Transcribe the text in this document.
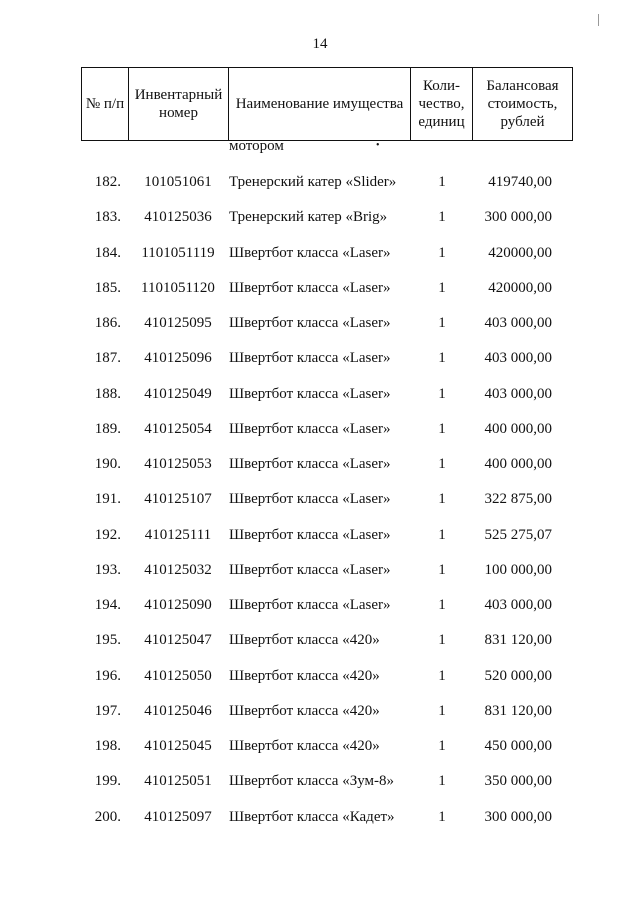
14
№ п/п	Инвентарный номер	Наименование имущества	Коли-чество, единиц	Балансовая стоимость, рублей
мотором	•
182.	101051061	Тренерский катер «Slider»	1	419740,00
183.	410125036	Тренерский катер «Brig»	1	300 000,00
184.	1101051119 Швертбот класса «Laser»	1	420000,00
185.	1101051120 Швертбот класса «Laser»	1	420000,00
186.	410125095	Швертбот класса «Laser»	1	403 000,00
187.	410125096	Швертбот класса «Laser»	1	403 000,00
188.	410125049	Швертбот класса «Laser»	1	403 000,00
189.	410125054	Швертбот класса «Laser»	1	400 000,00
190.	410125053	Швертбот класса «Laser»	1	400 000,00
191.	410125107	Швертбот класса «Laser»	1	322 875,00
192.	410125111	Швертбот класса «Laser»	1	525 275,07
193.	410125032	Швертбот класса «Laser»	1	100 000,00
194.	410125090	Швертбот класса «Laser»	1	403 000,00
195.	410125047	Швертбот класса «420»	1	831 120,00
196.	410125050	Швертбот класса «420»	1	520 000,00
197.	410125046	Швертбот класса «420»	1	831 120,00
198.	410125045	Швертбот класса «420»	1	450 000,00
199.	410125051	Швертбот класса «Зум-8»	1	350 000,00
200.	410125097	Швертбот класса «Кадет»	1	300 000,00
